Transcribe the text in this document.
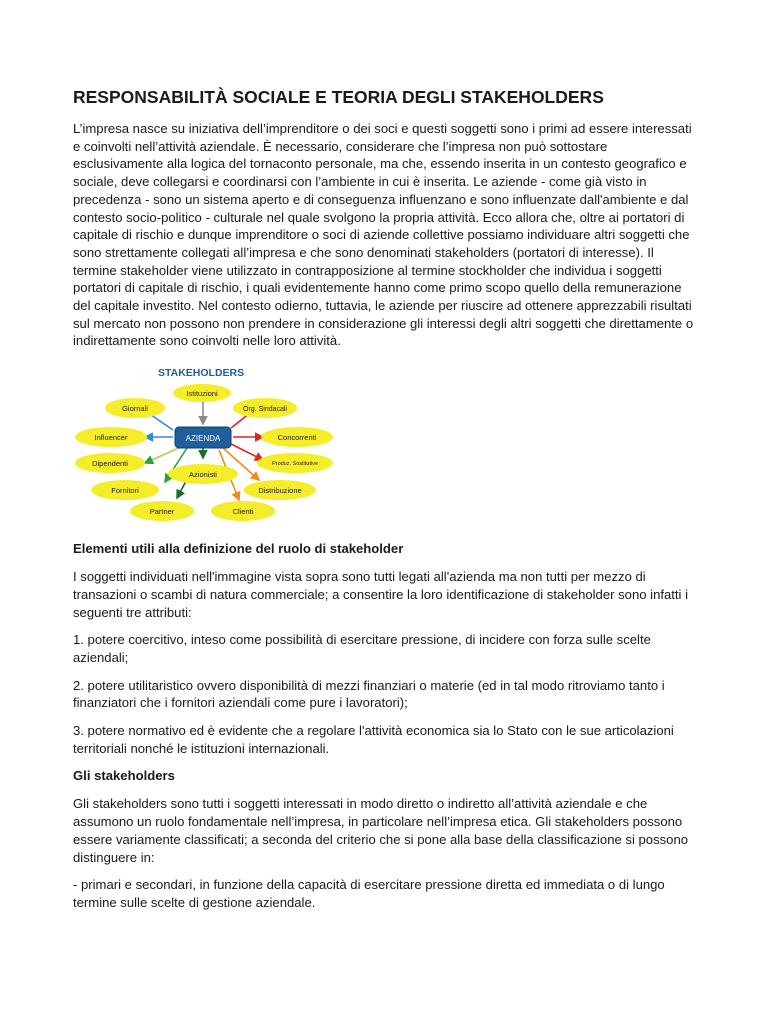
RESPONSABILITÀ SOCIALE E TEORIA DEGLI STAKEHOLDERS

L’impresa nasce su iniziativa dell’imprenditore o dei soci e questi soggetti sono i primi ad essere interessati e coinvolti nell’attività aziendale. È necessario, considerare che l’impresa non può sottostare esclusivamente alla logica del tornaconto personale, ma che, essendo inserita in un contesto geografico e sociale, deve collegarsi e coordinarsi con l’ambiente in cui è inserita. Le aziende - come già visto in precedenza - sono un sistema aperto e di conseguenza influenzano e sono influenzate dall'ambiente e dal contesto socio-politico - culturale nel quale svolgono la propria attività. Ecco allora che, oltre ai portatori di capitale di rischio e dunque imprenditore o soci di aziende collettive possiamo individuare altri soggetti che sono strettamente collegati all’impresa e che sono denominati stakeholders (portatori di interesse). Il termine stakeholder viene utilizzato in contrapposizione al termine stockholder che individua i soggetti portatori di capitale di rischio, i quali evidentemente hanno come primo scopo quello della remunerazione del capitale investito. Nel contesto odierno, tuttavia, le aziende per riuscire ad ottenere apprezzabili risultati sul mercato non possono non prendere in considerazione gli interessi degli altri soggetti che direttamente o indirettamente sono coinvolti nelle loro attività.

STAKEHOLDERS
Istituzioni
Giornali	Org. Sindacali
Influencer	Concorrenti
Dipendenti
Azionisti
Produz. Sostitutive
Fornitori	Distribuzione
Partner	Clienti
AZIENDA
Elementi utili alla definizione del ruolo di stakeholder

I soggetti individuati nell'immagine vista sopra sono tutti legati all'azienda ma non tutti per mezzo di transazioni o scambi di natura commerciale; a consentire la loro identificazione di stakeholder sono infatti i seguenti tre attributi:

1. potere coercitivo, inteso come possibilità di esercitare pressione, di incidere con forza sulle scelte aziendali;

2. potere utilitaristico ovvero disponibilità di mezzi finanziari o materie (ed in tal modo ritroviamo tanto i finanziatori che i fornitori aziendali come pure i lavoratori);

3. potere normativo ed è evidente che a regolare l'attività economica sia lo Stato con le sue articolazioni territoriali nonché le istituzioni internazionali.

Gli stakeholders

Gli stakeholders sono tutti i soggetti interessati in modo diretto o indiretto all’attività aziendale e che assumono un ruolo fondamentale nell’impresa, in particolare nell’impresa etica. Gli stakeholders possono essere variamente classificati; a seconda del criterio che si pone alla base della classificazione si possono distinguere in:

- primari e secondari, in funzione della capacità di esercitare pressione diretta ed immediata o di lungo termine sulle scelte di gestione aziendale.
